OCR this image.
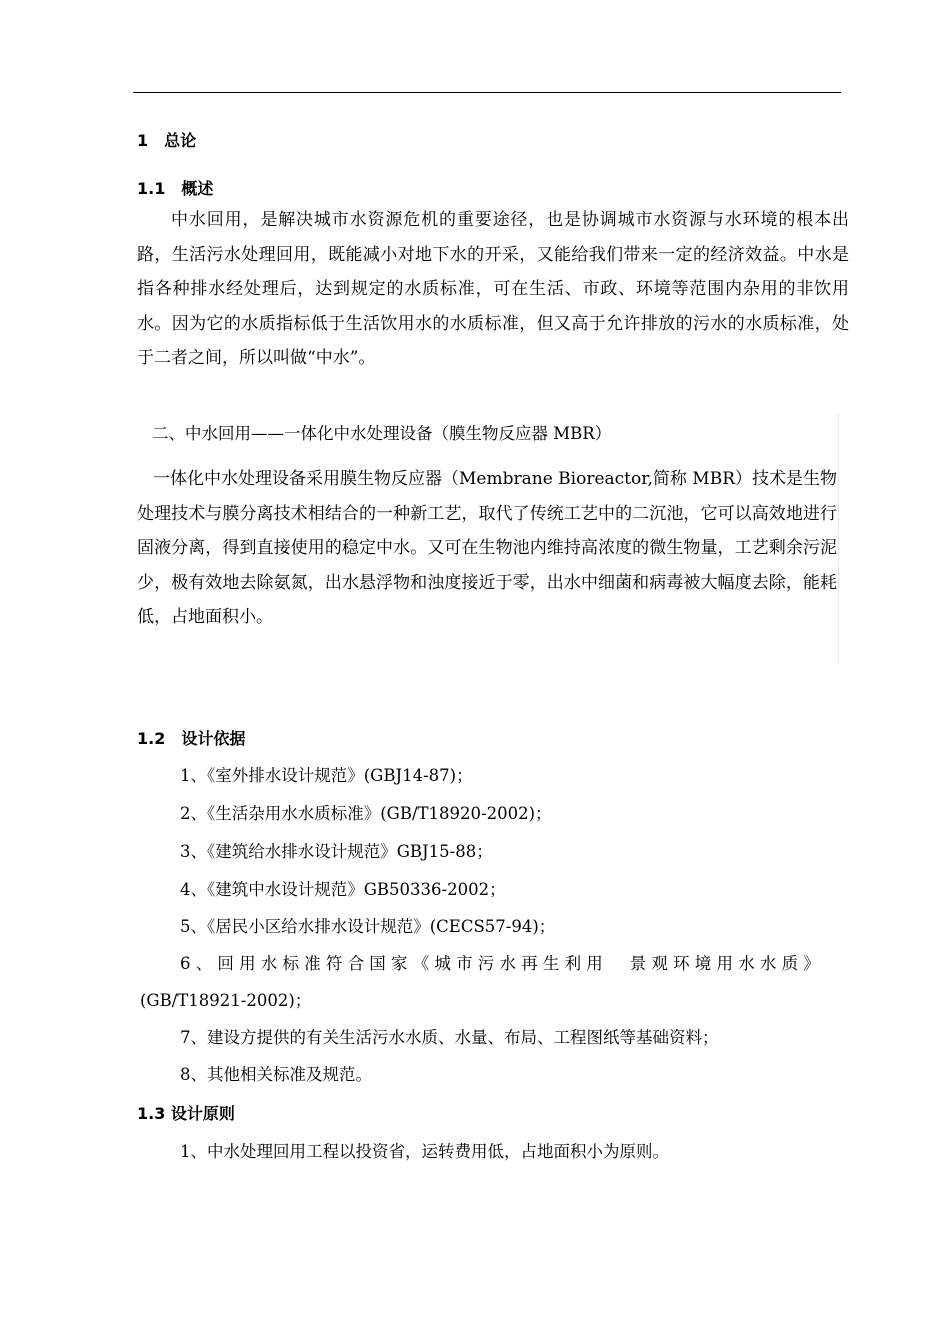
1　总论
1.1　概述

中水回用，是解决城市水资源危机的重要途径，也是协调城市水资源与水环境的根本出路，生活污水处理回用，既能减小对地下水的开采，又能给我们带来一定的经济效益。中水是指各种排水经处理后，达到规定的水质标准，可在生活、市政、环境等范围内杂用的非饮用水。因为它的水质指标低于生活饮用水的水质标准，但又高于允许排放的污水的水质标准，处于二者之间，所以叫做“中水”。

二、中水回用——一体化中水处理设备（膜生物反应器 MBR）

一体化中水处理设备采用膜生物反应器（Membrane Bioreactor,简称 MBR）技术是生物处理技术与膜分离技术相结合的一种新工艺，取代了传统工艺中的二沉池，它可以高效地进行固液分离，得到直接使用的稳定中水。又可在生物池内维持高浓度的微生物量，工艺剩余污泥少，极有效地去除氨氮，出水悬浮物和浊度接近于零，出水中细菌和病毒被大幅度去除，能耗低，占地面积小。

1.2　设计依据
1、《室外排水设计规范》(GBJ14-87)；
2、《生活杂用水水质标准》(GB/T18920-2002)；
3、《建筑给水排水设计规范》GBJ15-88；
4、《建筑中水设计规范》GB50336-2002；
5、《居民小区给水排水设计规范》(CECS57-94)；
6、回用水标准符合国家《城市污水再生利用　景观环境用水水质》
(GB/T18921-2002)；
7、建设方提供的有关生活污水水质、水量、布局、工程图纸等基础资料；
8、其他相关标准及规范。
1.3 设计原则
1、中水处理回用工程以投资省，运转费用低，占地面积小为原则。
